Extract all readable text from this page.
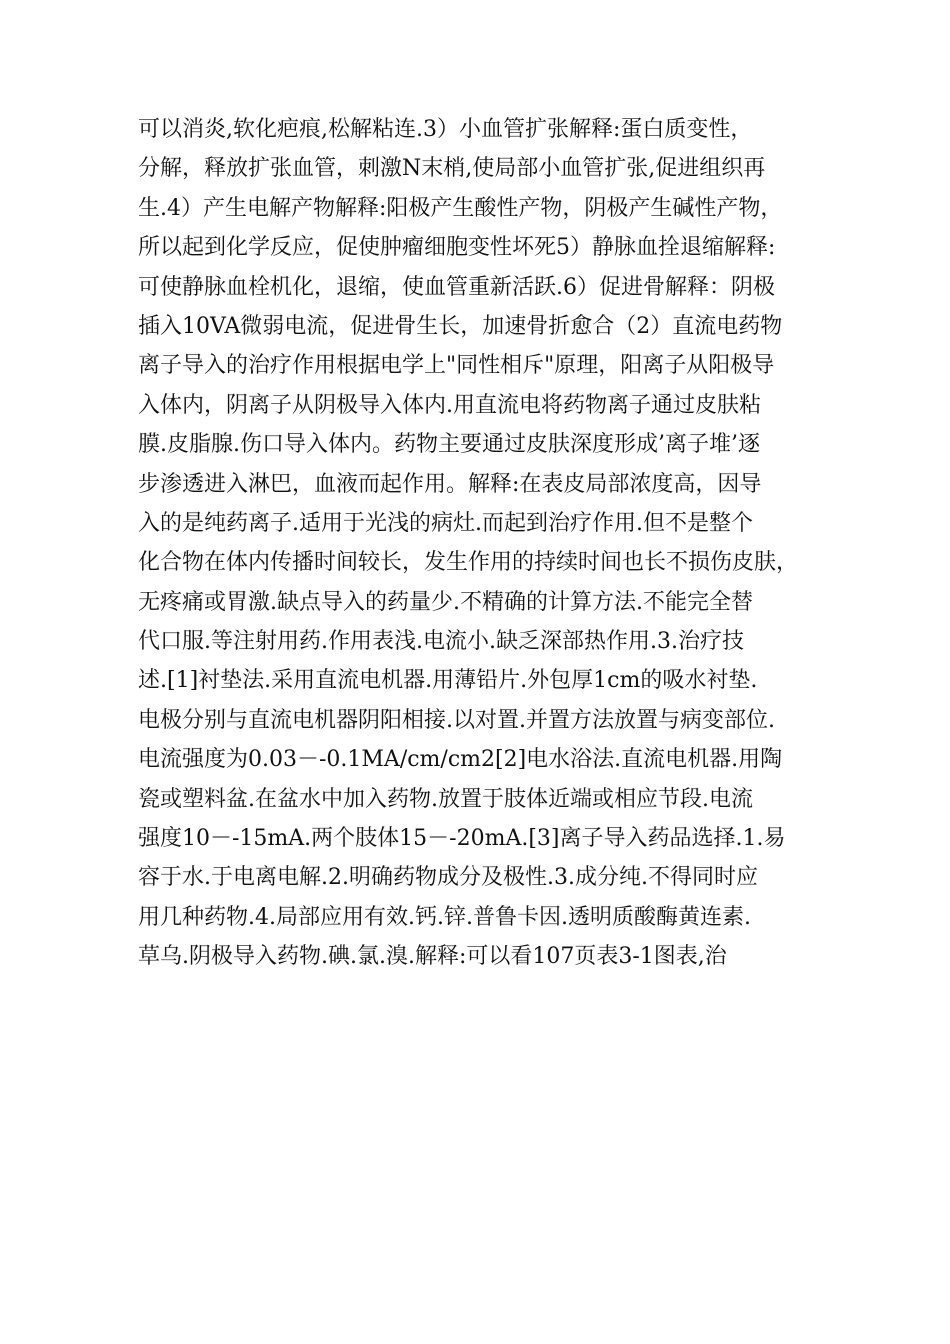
可以消炎,软化疤痕,松解粘连.3）小血管扩张解释:蛋白质变性，
分解，释放扩张血管，刺激N末梢,使局部小血管扩张,促进组织再
生.4）产生电解产物解释:阳极产生酸性产物，阴极产生碱性产物，
所以起到化学反应，促使肿瘤细胞变性坏死5）静脉血拴退缩解释:
可使静脉血栓机化，退缩，使血管重新活跃.6）促进骨解释：阴极
插入10VA微弱电流，促进骨生长，加速骨折愈合（2）直流电药物
离子导入的治疗作用根据电学上"同性相斥"原理，阳离子从阳极导
入体内，阴离子从阴极导入体内.用直流电将药物离子通过皮肤粘
膜.皮脂腺.伤口导入体内。药物主要通过皮肤深度形成’离子堆’逐
步渗透进入淋巴，血液而起作用。解释:在表皮局部浓度高，因导
入的是纯药离子.适用于光浅的病灶.而起到治疗作用.但不是整个
化合物在体内传播时间较长，发生作用的持续时间也长不损伤皮肤，
无疼痛或胃激.缺点导入的药量少.不精确的计算方法.不能完全替
代口服.等注射用药.作用表浅.电流小.缺乏深部热作用.3.治疗技
述.[1]衬垫法.采用直流电机器.用薄铅片.外包厚1cm的吸水衬垫.
电极分别与直流电机器阴阳相接.以对置.并置方法放置与病变部位.
电流强度为0.03－-0.1MA/cm/cm2[2]电水浴法.直流电机器.用陶
瓷或塑料盆.在盆水中加入药物.放置于肢体近端或相应节段.电流
强度10－-15mA.两个肢体15－-20mA.[3]离子导入药品选择.1.易
容于水.于电离电解.2.明确药物成分及极性.3.成分纯.不得同时应
用几种药物.4.局部应用有效.钙.锌.普鲁卡因.透明质酸酶黄连素.
草乌.阴极导入药物.碘.氯.溴.解释:可以看107页表3-1图表,治
